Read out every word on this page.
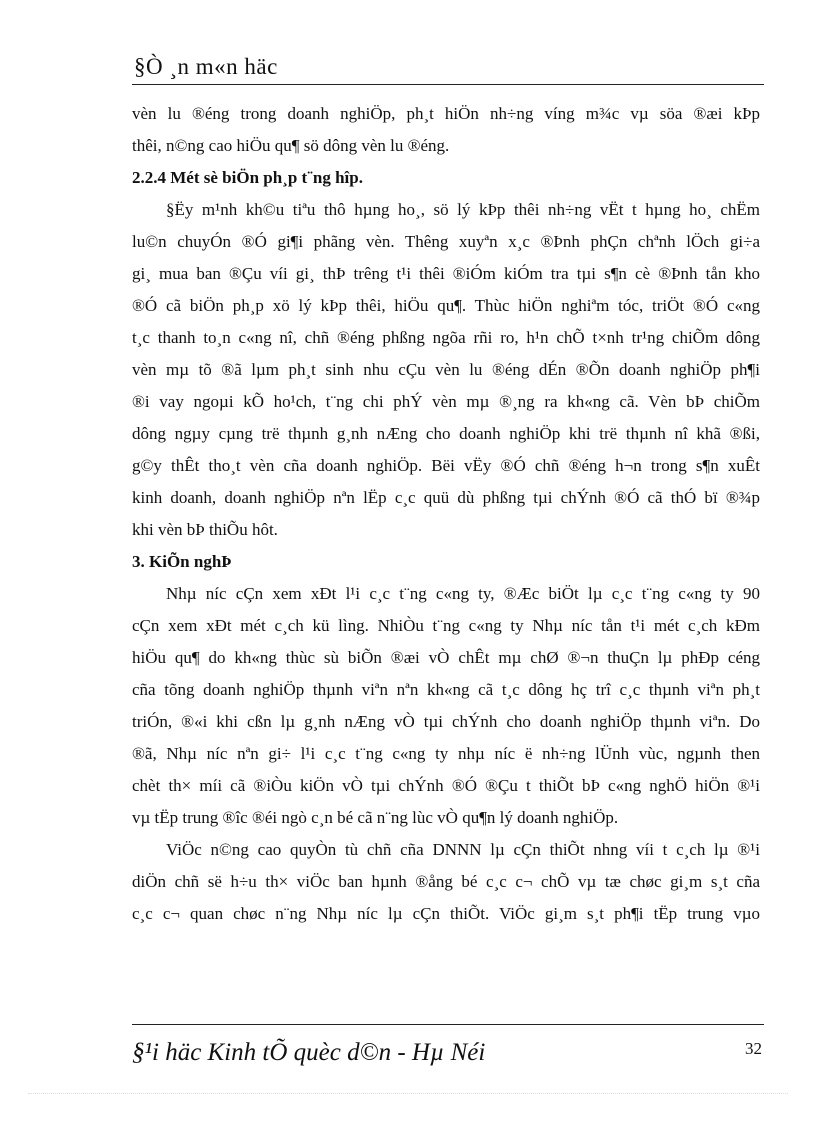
§Ò ¸n m«n häc
vèn lu ®éng trong doanh nghiÖp, ph¸t hiÖn nh÷ng víng m¾c vµ söa ®æi kÞp
thêi, n©ng cao hiÖu qu¶ sö dông vèn lu ®éng.
2.2.4 Mét sè biÖn ph¸p t¨ng hîp.
§Ëy m¹nh kh©u tiªu thô hµng ho¸, sö lý kÞp thêi nh÷ng vËt t hµng ho¸ chËm
lu©n chuyÓn ®Ó gi¶i phãng vèn. Thêng xuyªn x¸c ®Þnh phÇn chªnh lÖch gi÷a
gi¸ mua ban ®Çu víi gi¸ thÞ trêng t¹i thêi ®iÓm kiÓm tra tµi s¶n cè ®Þnh tån kho
®Ó cã biÖn ph¸p xö lý kÞp thêi, hiÖu qu¶. Thùc hiÖn nghiªm tóc, triÖt ®Ó c«ng
t¸c thanh to¸n c«ng nî, chñ ®éng phßng ngõa rñi ro, h¹n chÕ t×nh tr¹ng chiÕm dông
vèn mµ tõ ®ã lµm ph¸t sinh nhu cÇu vèn lu ®éng dÉn ®Õn doanh nghiÖp ph¶i
®i vay ngoµi kÕ ho¹ch, t¨ng chi phÝ vèn mµ ®¸ng ra kh«ng cã. Vèn bÞ chiÕm
dông ngµy cµng trë thµnh g¸nh nÆng cho doanh nghiÖp khi trë thµnh nî khã ®ßi,
g©y thÊt tho¸t vèn cña doanh nghiÖp. Bëi vËy ®Ó chñ ®éng h¬n trong s¶n xuÊt
kinh doanh, doanh nghiÖp nªn lËp c¸c quü dù phßng tµi chÝnh ®Ó cã thÓ bï ®¾p
khi vèn bÞ thiÕu hôt.
3. KiÕn nghÞ
Nhµ níc cÇn xem xÐt l¹i c¸c t¨ng c«ng ty, ®Æc biÖt lµ c¸c t¨ng c«ng ty 90
cÇn xem xÐt mét c¸ch kü lìng. NhiÒu t¨ng c«ng ty Nhµ níc tån t¹i mét c¸ch kÐm
hiÖu qu¶ do kh«ng thùc sù biÕn ®æi vÒ chÊt mµ chØ ®¬n thuÇn lµ phÐp céng
cña tõng doanh nghiÖp thµnh viªn nªn kh«ng cã t¸c dông hç trî c¸c thµnh viªn ph¸t
triÓn, ®«i khi cßn lµ g¸nh nÆng vÒ tµi chÝnh cho doanh nghiÖp thµnh viªn. Do
®ã, Nhµ níc nªn gi÷ l¹i c¸c t¨ng c«ng ty nhµ níc ë nh÷ng lÜnh vùc, ngµnh then
chèt th× míi cã ®iÒu kiÖn vÒ tµi chÝnh ®Ó ®Çu t thiÕt bÞ c«ng nghÖ hiÖn ®¹i
vµ tËp trung ®îc ®éi ngò c¸n bé cã n¨ng lùc vÒ qu¶n lý doanh nghiÖp.
ViÖc n©ng cao quyÒn tù chñ cña DNNN lµ cÇn thiÕt nhng víi t c¸ch lµ ®¹i
diÖn chñ së h÷u th× viÖc ban hµnh ®ång bé c¸c c¬ chÕ vµ tæ chøc gi¸m s¸t cña
c¸c c¬ quan chøc n¨ng Nhµ níc lµ cÇn thiÕt. ViÖc gi¸m s¸t ph¶i tËp trung vµo
§¹i häc Kinh tÕ quèc d©n - Hµ Néi	32
